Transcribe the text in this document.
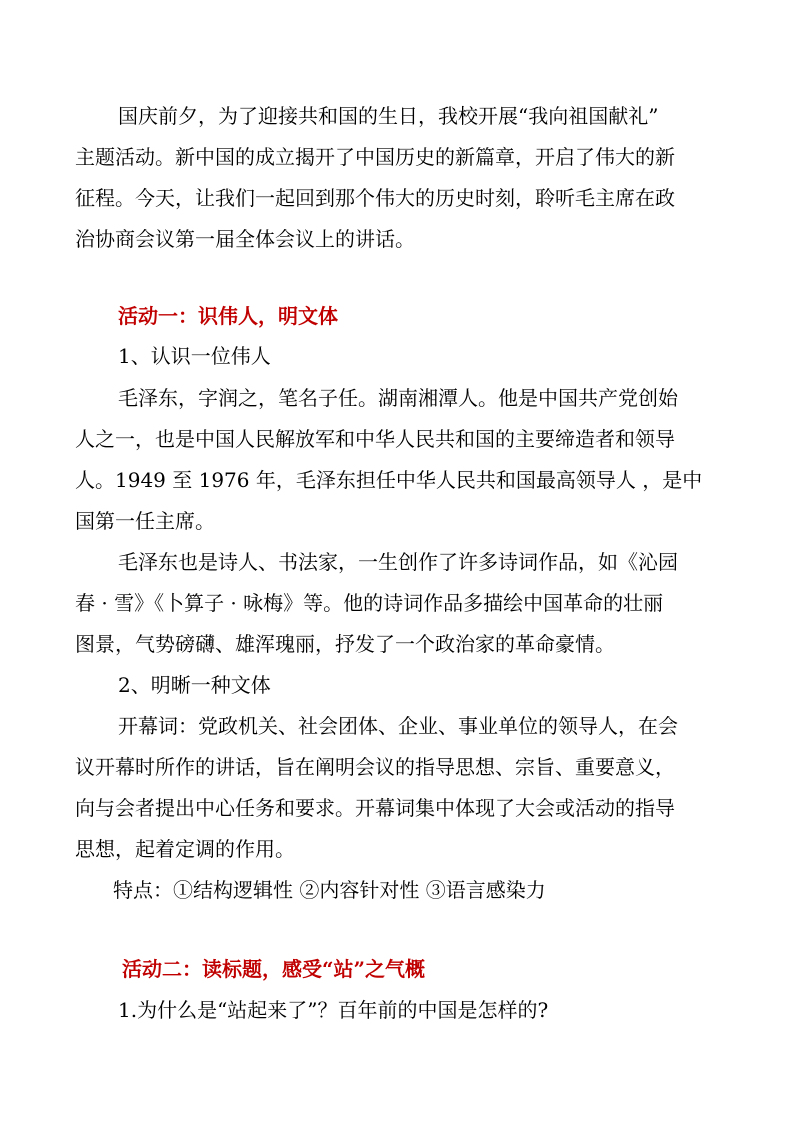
国庆前夕，为了迎接共和国的生日，我校开展“我向祖国献礼”
主题活动。新中国的成立揭开了中国历史的新篇章，开启了伟大的新
征程。今天，让我们一起回到那个伟大的历史时刻，聆听毛主席在政
治协商会议第一届全体会议上的讲话。
活动一：识伟人，明文体
1、认识一位伟人
毛泽东，字润之，笔名子任。湖南湘潭人。他是中国共产党创始
人之一，也是中国人民解放军和中华人民共和国的主要缔造者和领导
人。1949 至 1976 年，毛泽东担任中华人民共和国最高领导人 ，是中
国第一任主席。
毛泽东也是诗人、书法家，一生创作了许多诗词作品，如《沁园
春 · 雪》《卜算子 · 咏梅》等。他的诗词作品多描绘中国革命的壮丽
图景，气势磅礴、雄浑瑰丽，抒发了一个政治家的革命豪情。
2、明晰一种文体
开幕词：党政机关、社会团体、企业、事业单位的领导人，在会
议开幕时所作的讲话，旨在阐明会议的指导思想、宗旨、重要意义，
向与会者提出中心任务和要求。开幕词集中体现了大会或活动的指导
思想，起着定调的作用。
特点：①结构逻辑性 ②内容针对性 ③语言感染力
活动二：读标题，感受“站”之气概
1.为什么是“站起来了”？百年前的中国是怎样的?
